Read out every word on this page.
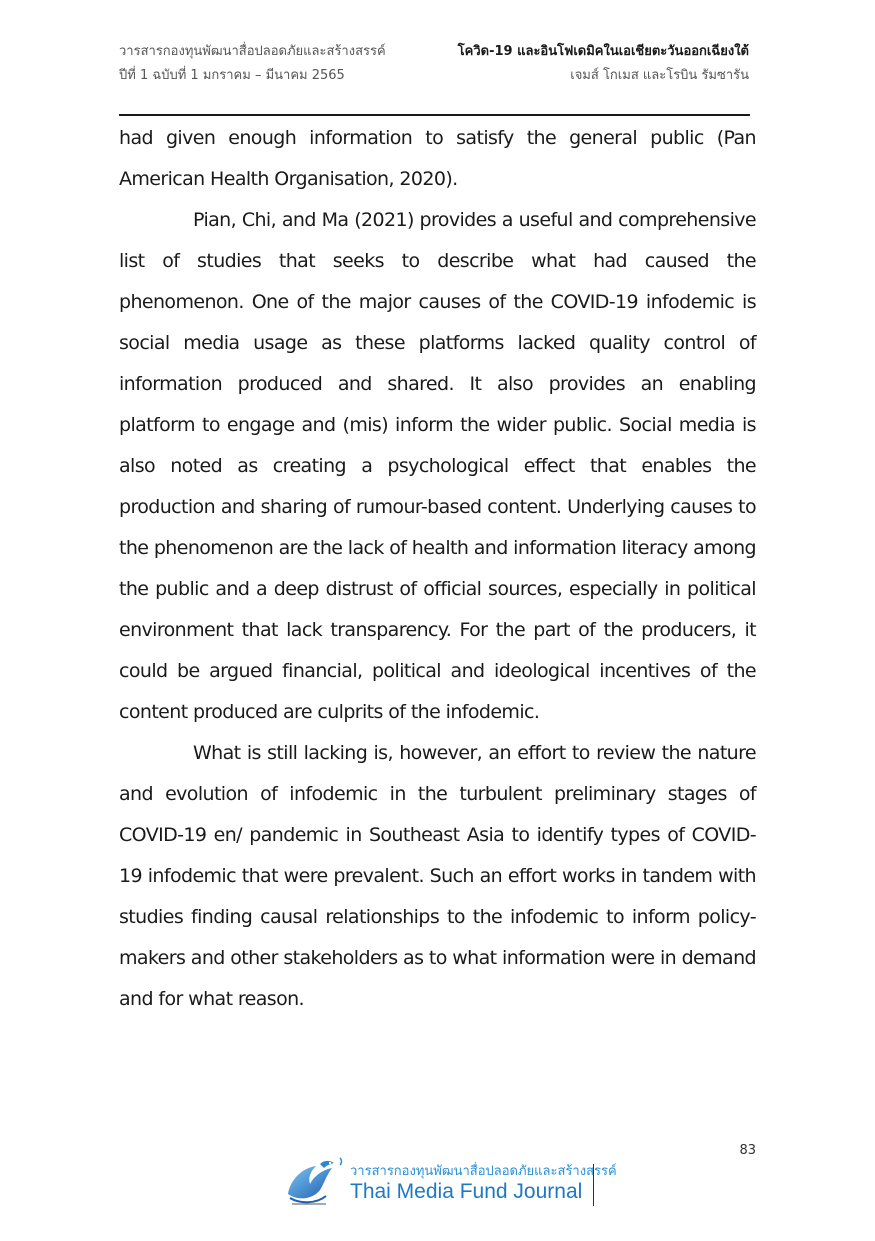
วารสารกองทุนพัฒนาสื่อปลอดภัยและสร้างสรรค์	โควิด-19 และอินโฟเดมิคในเอเชียตะวันออกเฉียงใต้
ปีที่ 1 ฉบับที่ 1 มกราคม – มีนาคม 2565	เจมส์ โกเมส และโรบิน รัมซารัน

had given enough information to satisfy the general public (Pan American Health Organisation, 2020).

Pian, Chi, and Ma (2021) provides a useful and comprehensive list of studies that seeks to describe what had caused the phenomenon. One of the major causes of the COVID-19 infodemic is social media usage as these platforms lacked quality control of information produced and shared. It also provides an enabling platform to engage and (mis) inform the wider public. Social media is also noted as creating a psychological effect that enables the production and sharing of rumour-based content. Underlying causes to the phenomenon are the lack of health and information literacy among the public and a deep distrust of official sources, especially in political environment that lack transparency. For the part of the producers, it could be argued financial, political and ideological incentives of the content produced are culprits of the infodemic.

What is still lacking is, however, an effort to review the nature and evolution of infodemic in the turbulent preliminary stages of COVID-19 en/ pandemic in Southeast Asia to identify types of COVID-19 infodemic that were prevalent. Such an effort works in tandem with studies finding causal relationships to the infodemic to inform policy-makers and other stakeholders as to what information were in demand and for what reason.

83
วารสารกองทุนพัฒนาสื่อปลอดภัยและสร้างสรรค์
Thai Media Fund Journal
